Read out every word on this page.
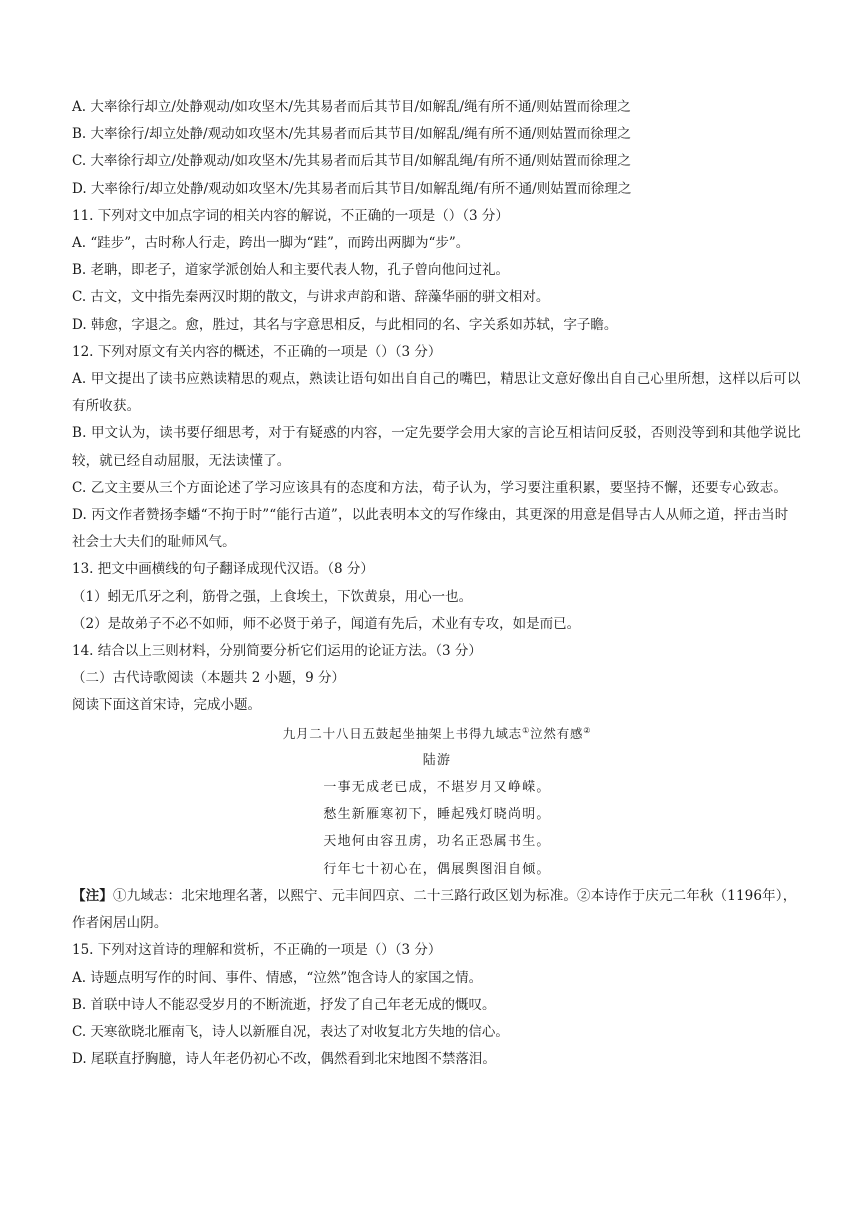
A. 大率徐行却立/处静观动/如攻坚木/先其易者而后其节目/如解乱/绳有所不通/则姑置而徐理之
B. 大率徐行/却立处静/观动如攻坚木/先其易者而后其节目/如解乱/绳有所不通/则姑置而徐理之
C. 大率徐行却立/处静观动/如攻坚木/先其易者而后其节目/如解乱绳/有所不通/则姑置而徐理之
D. 大率徐行/却立处静/观动如攻坚木/先其易者而后其节目/如解乱绳/有所不通/则姑置而徐理之
11. 下列对文中加点字词的相关内容的解说，不正确的一项是（）（3 分）
A. “跬步”，古时称人行走，跨出一脚为“跬”，而跨出两脚为“步”。
B. 老聃，即老子，道家学派创始人和主要代表人物，孔子曾向他问过礼。
C. 古文，文中指先秦两汉时期的散文，与讲求声韵和谐、辞藻华丽的骈文相对。
D. 韩愈，字退之。愈，胜过，其名与字意思相反，与此相同的名、字关系如苏轼，字子瞻。
12. 下列对原文有关内容的概述，不正确的一项是（）（3 分）
A. 甲文提出了读书应熟读精思的观点，熟读让语句如出自自己的嘴巴，精思让文意好像出自自己心里所想，这样以后可以有所收获。
B. 甲文认为，读书要仔细思考，对于有疑惑的内容，一定先要学会用大家的言论互相诘问反驳，否则没等到和其他学说比较，就已经自动屈服，无法读懂了。
C. 乙文主要从三个方面论述了学习应该具有的态度和方法，荀子认为，学习要注重积累，要坚持不懈，还要专心致志。
D. 丙文作者赞扬李蟠“不拘于时”“能行古道”，以此表明本文的写作缘由，其更深的用意是倡导古人从师之道，抨击当时社会士大夫们的耻师风气。
13. 把文中画横线的句子翻译成现代汉语。（8 分）
（1）蚓无爪牙之利，筋骨之强，上食埃土，下饮黄泉，用心一也。
（2）是故弟子不必不如师，师不必贤于弟子，闻道有先后，术业有专攻，如是而已。
14. 结合以上三则材料，分别简要分析它们运用的论证方法。（3 分）
（二）古代诗歌阅读（本题共 2 小题，9 分）
阅读下面这首宋诗，完成小题。
九月二十八日五鼓起坐抽架上书得九域志①泣然有感②
陆游
一事无成老已成，不堪岁月又峥嵘。
愁生新雁寒初下，睡起残灯晓尚明。
天地何由容丑虏，功名正恐属书生。
行年七十初心在，偶展舆图泪自倾。
【注】①九域志：北宋地理名著，以熙宁、元丰间四京、二十三路行政区划为标准。②本诗作于庆元二年秋（1196年），作者闲居山阴。
15. 下列对这首诗的理解和赏析，不正确的一项是（）（3 分）
A. 诗题点明写作的时间、事件、情感，“泣然”饱含诗人的家国之情。
B. 首联中诗人不能忍受岁月的不断流逝，抒发了自己年老无成的慨叹。
C. 天寒欲晓北雁南飞，诗人以新雁自况，表达了对收复北方失地的信心。
D. 尾联直抒胸臆，诗人年老仍初心不改，偶然看到北宋地图不禁落泪。
